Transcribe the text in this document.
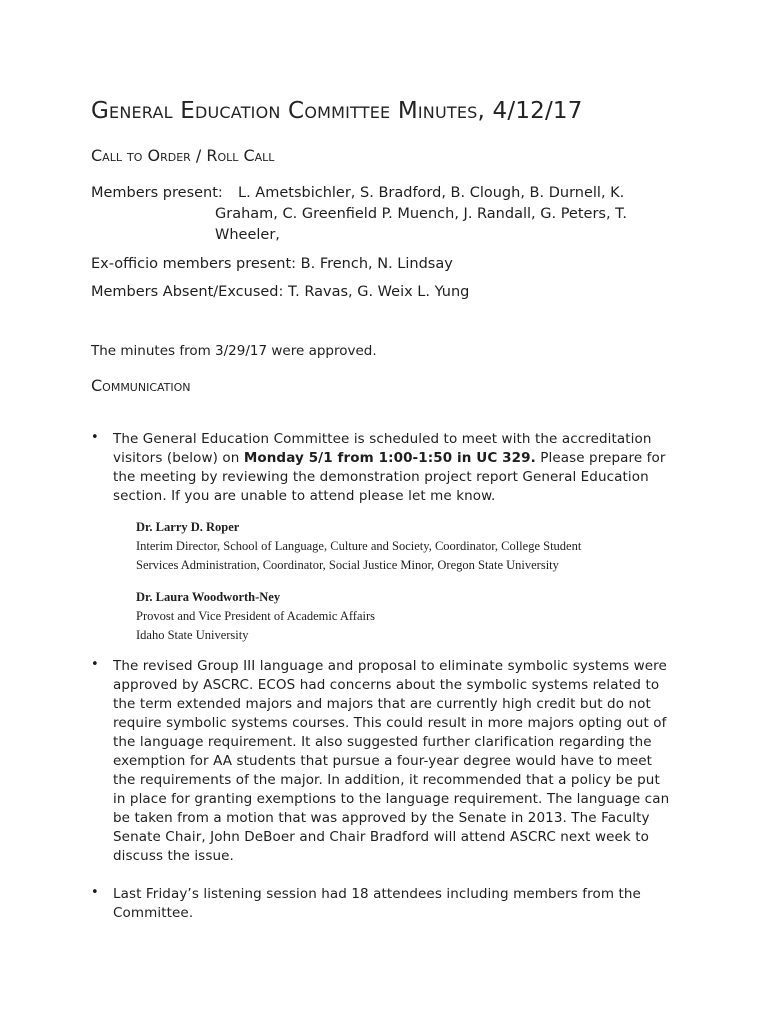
General Education Committee Minutes, 4/12/17
Call to Order / Roll Call
Members present: L. Ametsbichler, S. Bradford, B. Clough, B. Durnell, K.
Graham, C. Greenfield P. Muench, J. Randall, G. Peters, T.
Wheeler,
Ex-officio members present: B. French, N. Lindsay
Members Absent/Excused: T. Ravas, G. Weix L. Yung
The minutes from 3/29/17 were approved.
Communication
• The General Education Committee is scheduled to meet with the accreditation visitors (below) on Monday 5/1 from 1:00-1:50 in UC 329. Please prepare for the meeting by reviewing the demonstration project report General Education section. If you are unable to attend please let me know.
Dr. Larry D. Roper
Interim Director, School of Language, Culture and Society, Coordinator, College Student
Services Administration, Coordinator, Social Justice Minor, Oregon State University
Dr. Laura Woodworth-Ney
Provost and Vice President of Academic Affairs
Idaho State University
• The revised Group III language and proposal to eliminate symbolic systems were approved by ASCRC. ECOS had concerns about the symbolic systems related to the term extended majors and majors that are currently high credit but do not require symbolic systems courses. This could result in more majors opting out of the language requirement. It also suggested further clarification regarding the exemption for AA students that pursue a four-year degree would have to meet the requirements of the major. In addition, it recommended that a policy be put in place for granting exemptions to the language requirement. The language can be taken from a motion that was approved by the Senate in 2013. The Faculty Senate Chair, John DeBoer and Chair Bradford will attend ASCRC next week to discuss the issue.
• Last Friday’s listening session had 18 attendees including members from the Committee.
